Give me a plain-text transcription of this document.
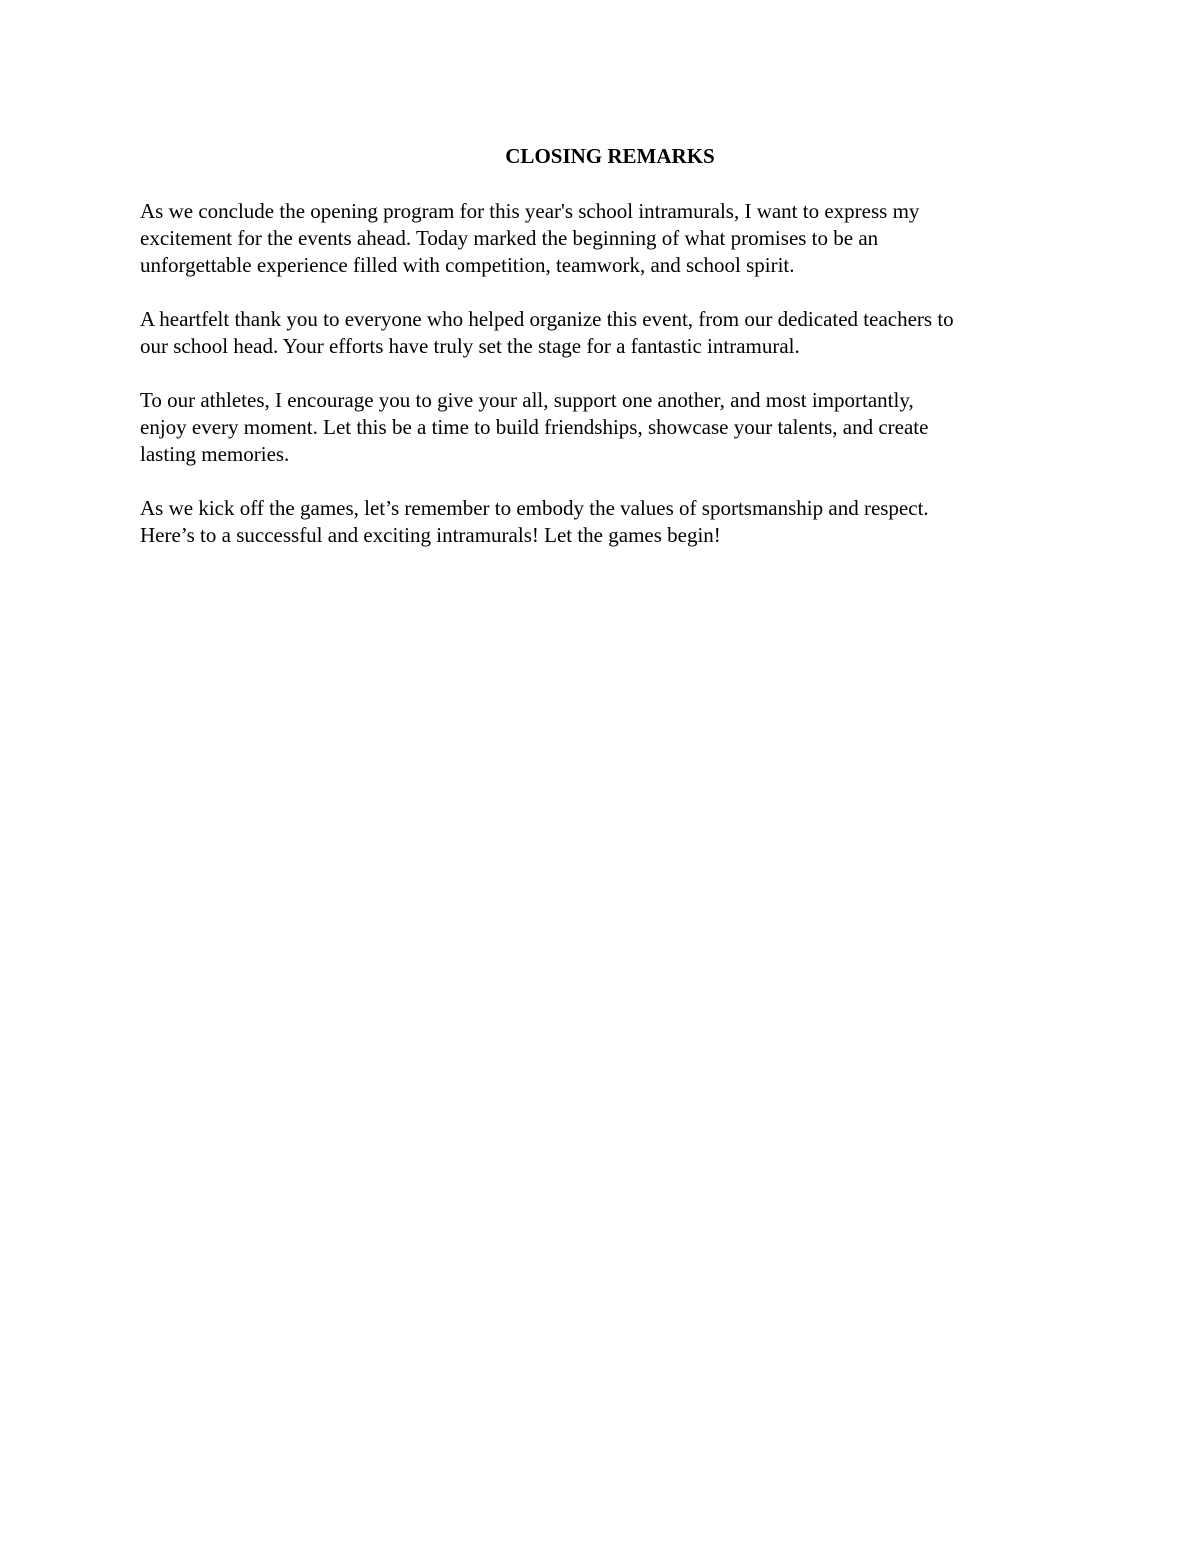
CLOSING REMARKS
As we conclude the opening program for this year's school intramurals, I want to express my
excitement for the events ahead. Today marked the beginning of what promises to be an
unforgettable experience filled with competition, teamwork, and school spirit.
A heartfelt thank you to everyone who helped organize this event, from our dedicated teachers to
our school head. Your efforts have truly set the stage for a fantastic intramural.
To our athletes, I encourage you to give your all, support one another, and most importantly,
enjoy every moment. Let this be a time to build friendships, showcase your talents, and create
lasting memories.
As we kick off the games, let’s remember to embody the values of sportsmanship and respect.
Here’s to a successful and exciting intramurals! Let the games begin!
